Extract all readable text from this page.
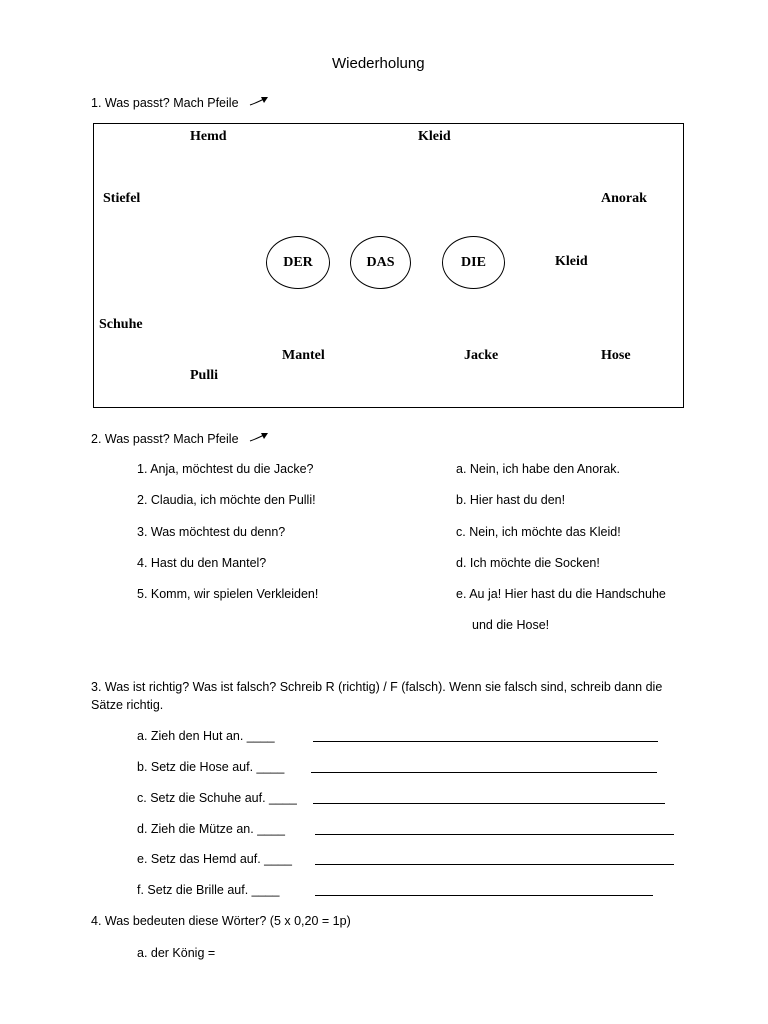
Wiederholung
1. Was passt? Mach Pfeile
Hemd	Kleid
Stiefel	Anorak
DER	DAS	DIE	Kleid
Schuhe
Mantel	Jacke	Hose
Pulli
2. Was passt? Mach Pfeile
1. Anja, möchtest du die Jacke?
2. Claudia, ich möchte den Pulli!
3. Was möchtest du denn?
4. Hast du den Mantel?
5. Komm, wir spielen Verkleiden!
a. Nein, ich habe den Anorak.
b. Hier hast du den!
c. Nein, ich möchte das Kleid!
d. Ich möchte die Socken!
e. Au ja! Hier hast du die Handschuhe
und die Hose!
3. Was ist richtig? Was ist falsch? Schreib R (richtig) / F (falsch). Wenn sie falsch sind, schreib dann die
Sätze richtig.
a. Zieh den Hut an. ____
b. Setz die Hose auf. ____
c. Setz die Schuhe auf. ____
d. Zieh die Mütze an. ____
e. Setz das Hemd auf. ____
f. Setz die Brille auf. ____
4. Was bedeuten diese Wörter? (5 x 0,20 = 1p)
a. der König =
